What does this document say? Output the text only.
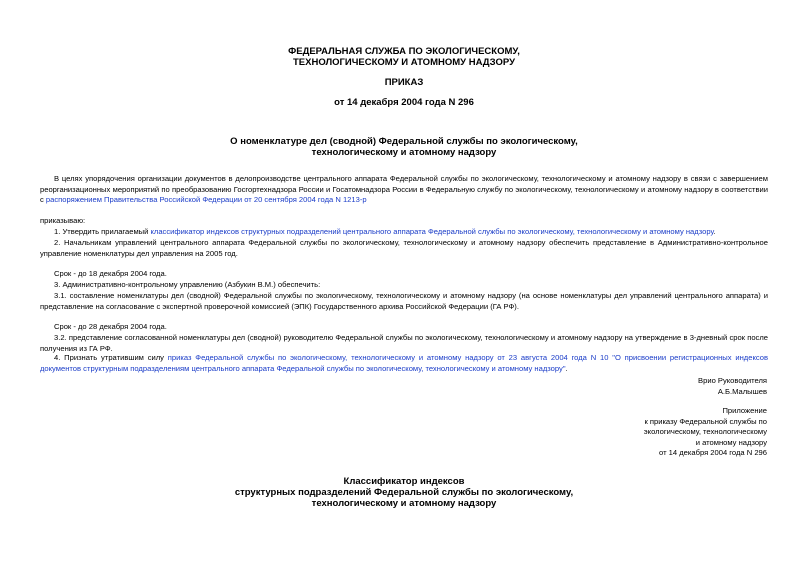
ФЕДЕРАЛЬНАЯ СЛУЖБА ПО ЭКОЛОГИЧЕСКОМУ,
ТЕХНОЛОГИЧЕСКОМУ И АТОМНОМУ НАДЗОРУ
ПРИКАЗ
от 14 декабря 2004 года N 296
О номенклатуре дел (сводной) Федеральной службы по экологическому,
технологическому и атомному надзору
В целях упорядочения организации документов в делопроизводстве центрального аппарата Федеральной службы по экологическому, технологическому и атомному надзору в связи с завершением реорганизационных мероприятий по преобразованию Госгортехнадзора России и Госатомнадзора России в Федеральную службу по экологическому, технологическому и атомному надзору в соответствии с распоряжением Правительства Российской Федерации от 20 сентября 2004 года N 1213-р
приказываю:
1. Утвердить прилагаемый классификатор индексов структурных подразделений центрального аппарата Федеральной службы по экологическому, технологическому и атомному надзору.
2. Начальникам управлений центрального аппарата Федеральной службы по экологическому, технологическому и атомному надзору обеспечить представление в Административно-контрольное управление номенклатуры дел управления на 2005 год.
Срок - до 18 декабря 2004 года.
3. Административно-контрольному управлению (Азбукин В.М.) обеспечить:
3.1. составление номенклатуры дел (сводной) Федеральной службы по экологическому, технологическому и атомному надзору (на основе номенклатуры дел управлений центрального аппарата) и представление на согласование с экспертной проверочной комиссией (ЭПК) Государственного архива Российской Федерации (ГА РФ).
Срок - до 28 декабря 2004 года.
3.2. представление согласованной номенклатуры дел (сводной) руководителю Федеральной службы по экологическому, технологическому и атомному надзору на утверждение в 3-дневный срок после получения из ГА РФ.
4. Признать утратившим силу приказ Федеральной службы по экологическому, технологическому и атомному надзору от 23 августа 2004 года N 10 "О присвоении регистрационных индексов документов структурным подразделениям центрального аппарата Федеральной службы по экологическому, технологическому и атомному надзору".
Врио Руководителя
А.Б.Малышев
Приложение
к приказу Федеральной службы по
экологическому, технологическому
и атомному надзору
от 14 декабря 2004 года N 296
Классификатор индексов
структурных подразделений Федеральной службы по экологическому,
технологическому и атомному надзору
